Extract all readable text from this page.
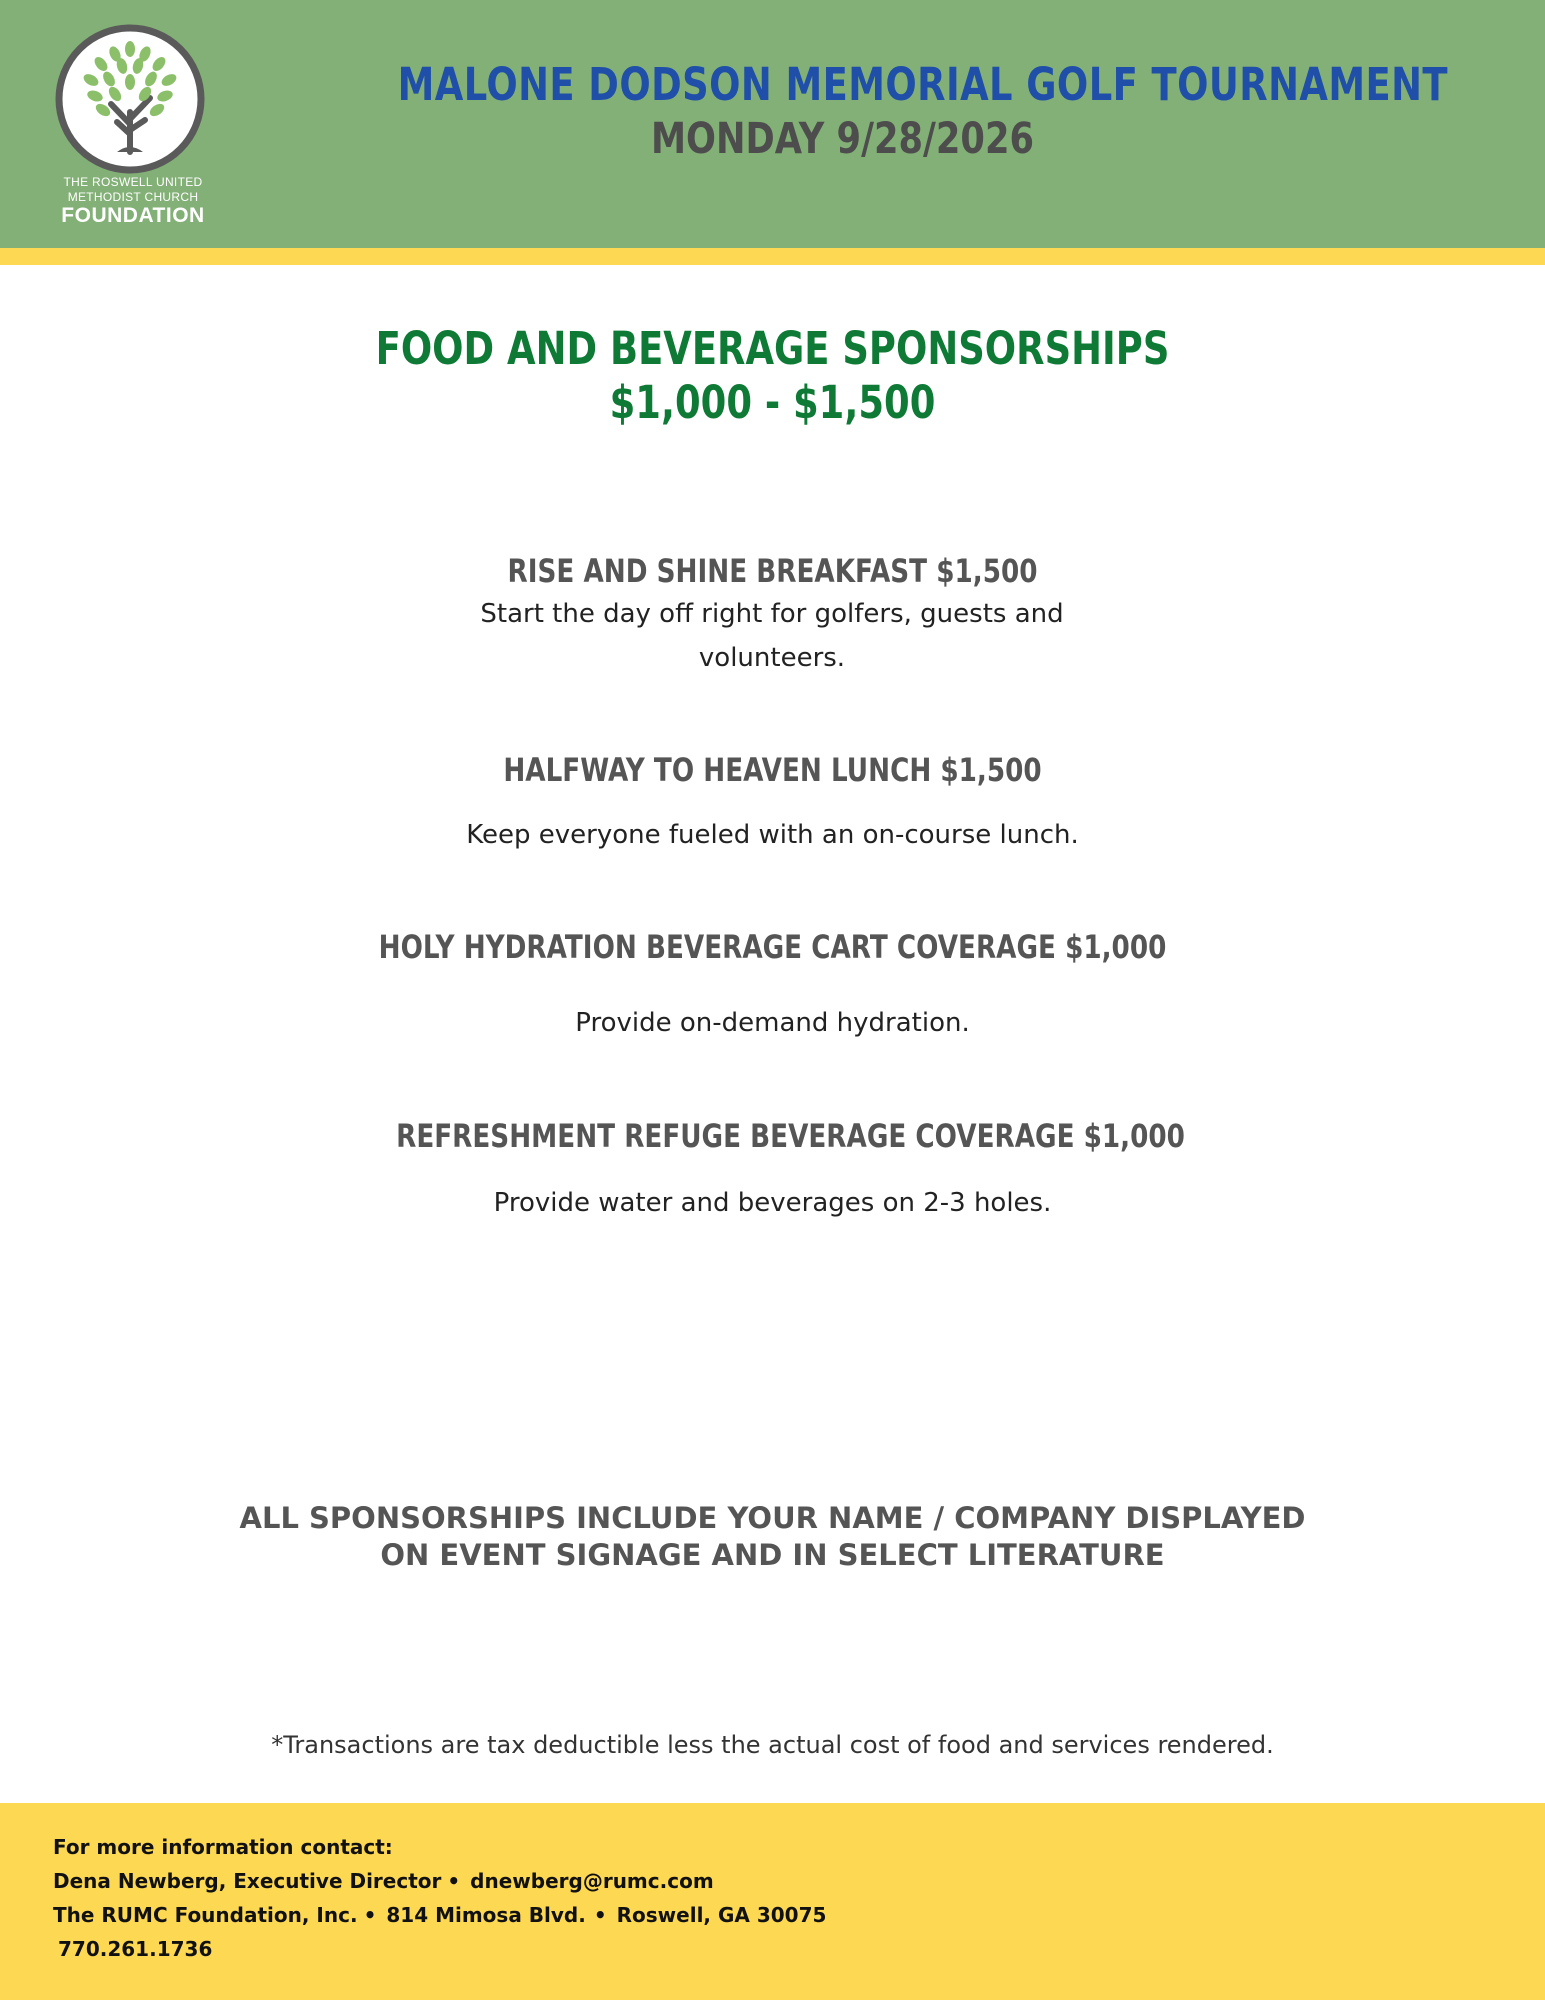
THE ROSWELL UNITED
METHODIST CHURCH
FOUNDATION
MALONE DODSON MEMORIAL GOLF TOURNAMENT
MONDAY 9/28/2026
FOOD AND BEVERAGE SPONSORSHIPS
$1,000 - $1,500
RISE AND SHINE BREAKFAST $1,500
Start the day off right for golfers, guests and volunteers.
HALFWAY TO HEAVEN LUNCH $1,500
Keep everyone fueled with an on-course lunch.
HOLY HYDRATION BEVERAGE CART COVERAGE $1,000
Provide on-demand hydration.
REFRESHMENT REFUGE BEVERAGE COVERAGE $1,000
Provide water and beverages on 2-3 holes.
ALL SPONSORSHIPS INCLUDE YOUR NAME / COMPANY DISPLAYED
ON EVENT SIGNAGE AND IN SELECT LITERATURE
*Transactions are tax deductible less the actual cost of food and services rendered.
For more information contact:
Dena Newberg, Executive Director • dnewberg@rumc.com
The RUMC Foundation, Inc. • 814 Mimosa Blvd. • Roswell, GA 30075
770.261.1736
